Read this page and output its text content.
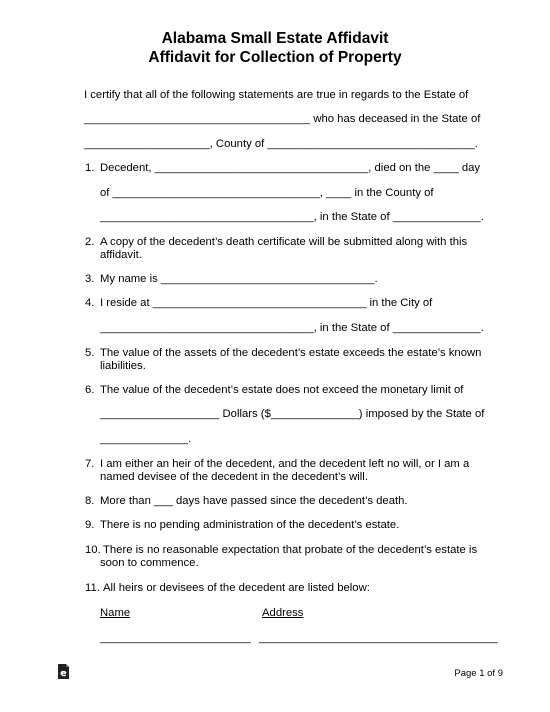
Alabama Small Estate Affidavit
Affidavit for Collection of Property
I certify that all of the following statements are true in regards to the Estate of
____________________________________ who has deceased in the State of
____________________, County of _________________________________.
1. Decedent, __________________________________, died on the ____ day
of _________________________________, ____ in the County of
__________________________________, in the State of ______________.
2. A copy of the decedent’s death certificate will be submitted along with this
affidavit.
3. My name is __________________________________.
4. I reside at __________________________________ in the City of
__________________________________, in the State of ______________.
5. The value of the assets of the decedent’s estate exceeds the estate’s known
liabilities.
6. The value of the decedent’s estate does not exceed the monetary limit of
___________________ Dollars ($______________) imposed by the State of
______________.
7. I am either an heir of the decedent, and the decedent left no will, or I am a
named devisee of the decedent in the decedent’s will.
8. More than ___ days have passed since the decedent’s death.
9. There is no pending administration of the decedent’s estate.
10. There is no reasonable expectation that probate of the decedent’s estate is
soon to commence.
11. All heirs or devisees of the decedent are listed below:
Name	Address
________________________ ______________________________________
Page 1 of 9
